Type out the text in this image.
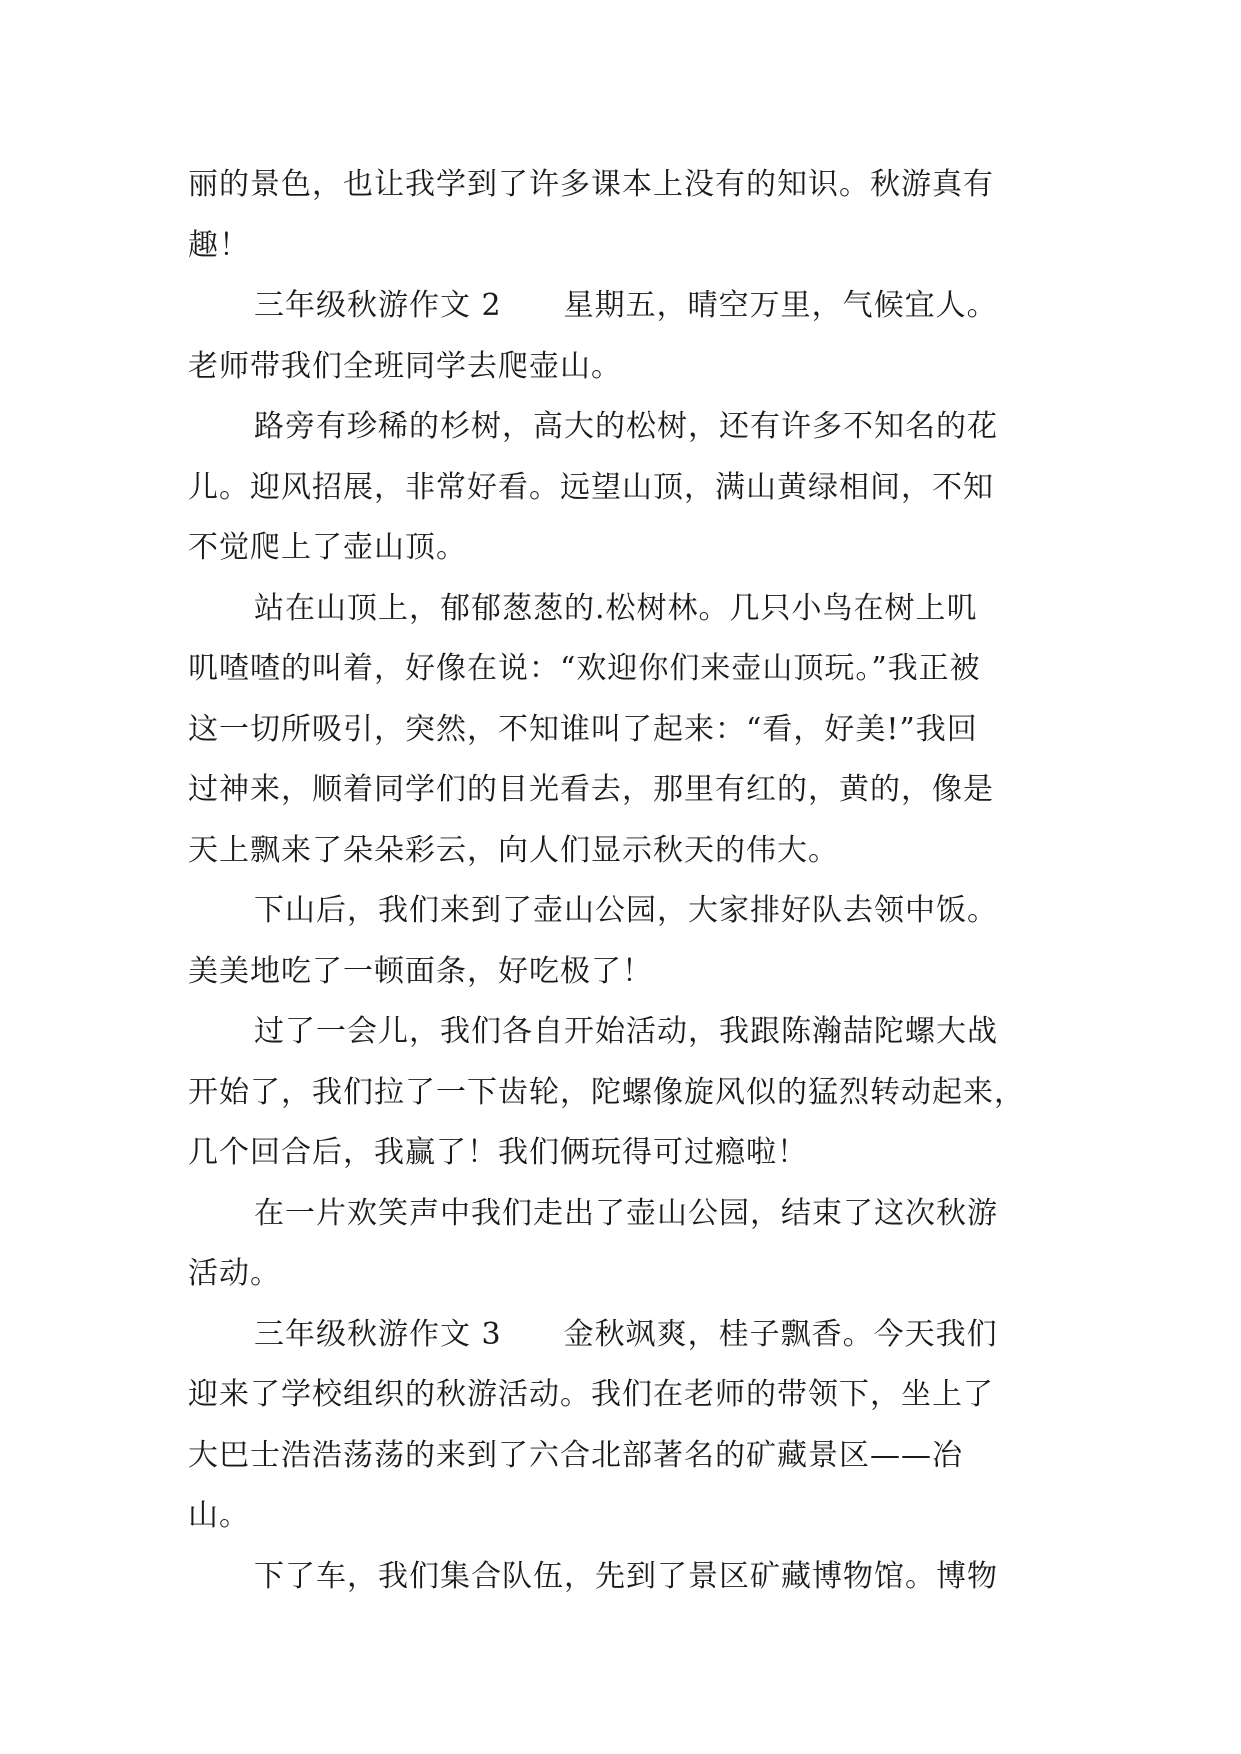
丽的景色，也让我学到了许多课本上没有的知识。秋游真有
趣！
三年级秋游作文 2　　星期五，晴空万里，气候宜人。
老师带我们全班同学去爬壶山。
路旁有珍稀的杉树，高大的松树，还有许多不知名的花
儿。迎风招展，非常好看。远望山顶，满山黄绿相间，不知
不觉爬上了壶山顶。
站在山顶上，郁郁葱葱的.松树林。几只小鸟在树上叽
叽喳喳的叫着，好像在说：“欢迎你们来壶山顶玩。”我正被
这一切所吸引，突然，不知谁叫了起来：“看，好美!”我回
过神来，顺着同学们的目光看去，那里有红的，黄的，像是
天上飘来了朵朵彩云，向人们显示秋天的伟大。
下山后，我们来到了壶山公园，大家排好队去领中饭。
美美地吃了一顿面条，好吃极了！
过了一会儿，我们各自开始活动，我跟陈瀚喆陀螺大战
开始了，我们拉了一下齿轮，陀螺像旋风似的猛烈转动起来，
几个回合后，我赢了！我们俩玩得可过瘾啦！
在一片欢笑声中我们走出了壶山公园，结束了这次秋游
活动。
三年级秋游作文 3　　金秋飒爽，桂子飘香。今天我们
迎来了学校组织的秋游活动。我们在老师的带领下，坐上了
大巴士浩浩荡荡的来到了六合北部著名的矿藏景区——冶
山。
下了车，我们集合队伍，先到了景区矿藏博物馆。博物
